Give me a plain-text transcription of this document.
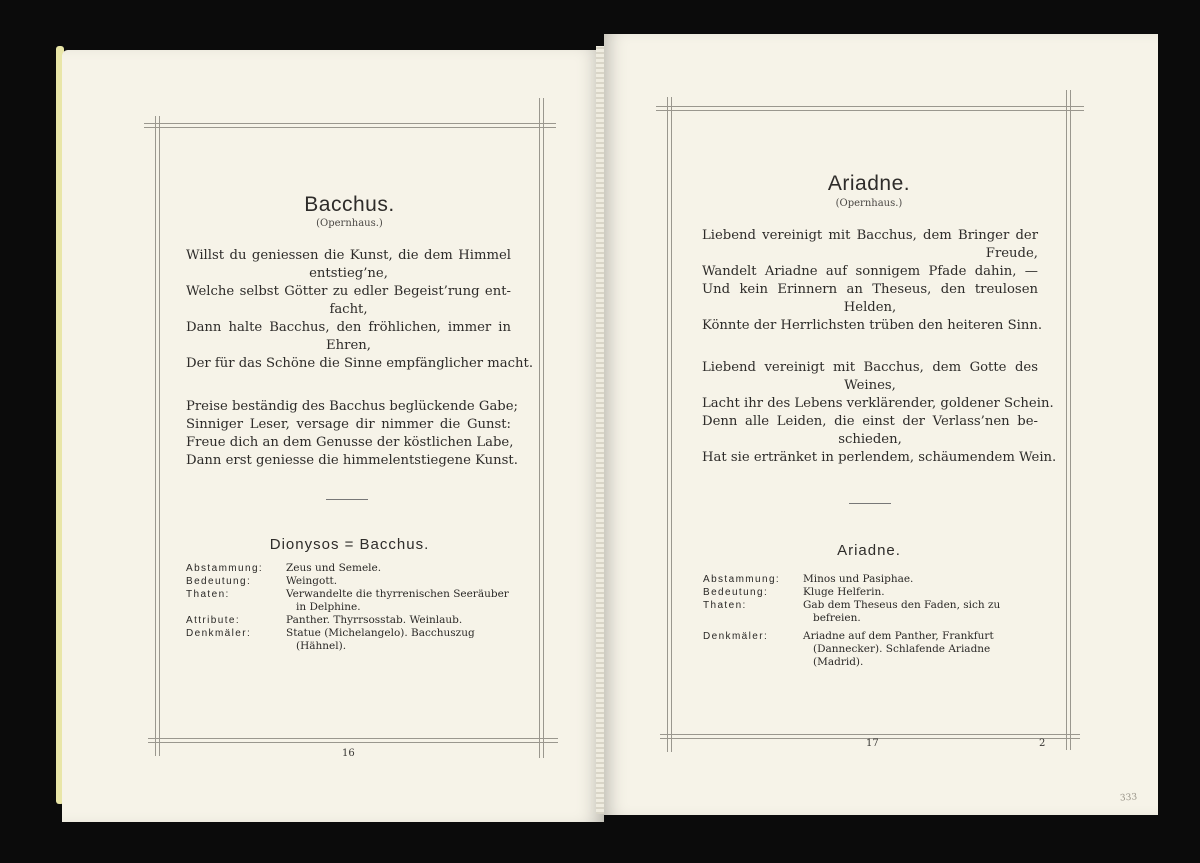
Bacchus.
(Opernhaus.)
Willst du geniessen die Kunst, die dem Himmel
entstieg’ne,
Welche selbst Götter zu edler Begeist’rung ent-
facht,
Dann halte Bacchus, den fröhlichen, immer in
Ehren,
Der für das Schöne die Sinne empfänglicher macht.
Preise beständig des Bacchus beglückende Gabe;
Sinniger Leser, versage dir nimmer die Gunst:
Freue dich an dem Genusse der köstlichen Labe,
Dann erst geniesse die himmelentstiegene Kunst.
Dionysos = Bacchus.
Abstammung:	Zeus und Semele.
Bedeutung:	Weingott.
Thaten:	Verwandelte die thyrrenischen Seeräuber
in Delphine.
Attribute:	Panther. Thyrrsosstab. Weinlaub.
Denkmäler:	Statue (Michelangelo). Bacchuszug
(Hähnel).
16
Ariadne.
(Opernhaus.)
Liebend vereinigt mit Bacchus, dem Bringer der
Freude,
Wandelt Ariadne auf sonnigem Pfade dahin, —
Und kein Erinnern an Theseus, den treulosen
Helden,
Könnte der Herrlichsten trüben den heiteren Sinn.
Liebend vereinigt mit Bacchus, dem Gotte des
Weines,
Lacht ihr des Lebens verklärender, goldener Schein.
Denn alle Leiden, die einst der Verlass’nen be-
schieden,
Hat sie ertränket in perlendem, schäumendem Wein.
Ariadne.
Abstammung:	Minos und Pasiphae.
Bedeutung:	Kluge Helferin.
Thaten:	Gab dem Theseus den Faden, sich zu
befreien.
Denkmäler:	Ariadne auf dem Panther, Frankfurt
(Dannecker). Schlafende Ariadne
(Madrid).
17	2
333
